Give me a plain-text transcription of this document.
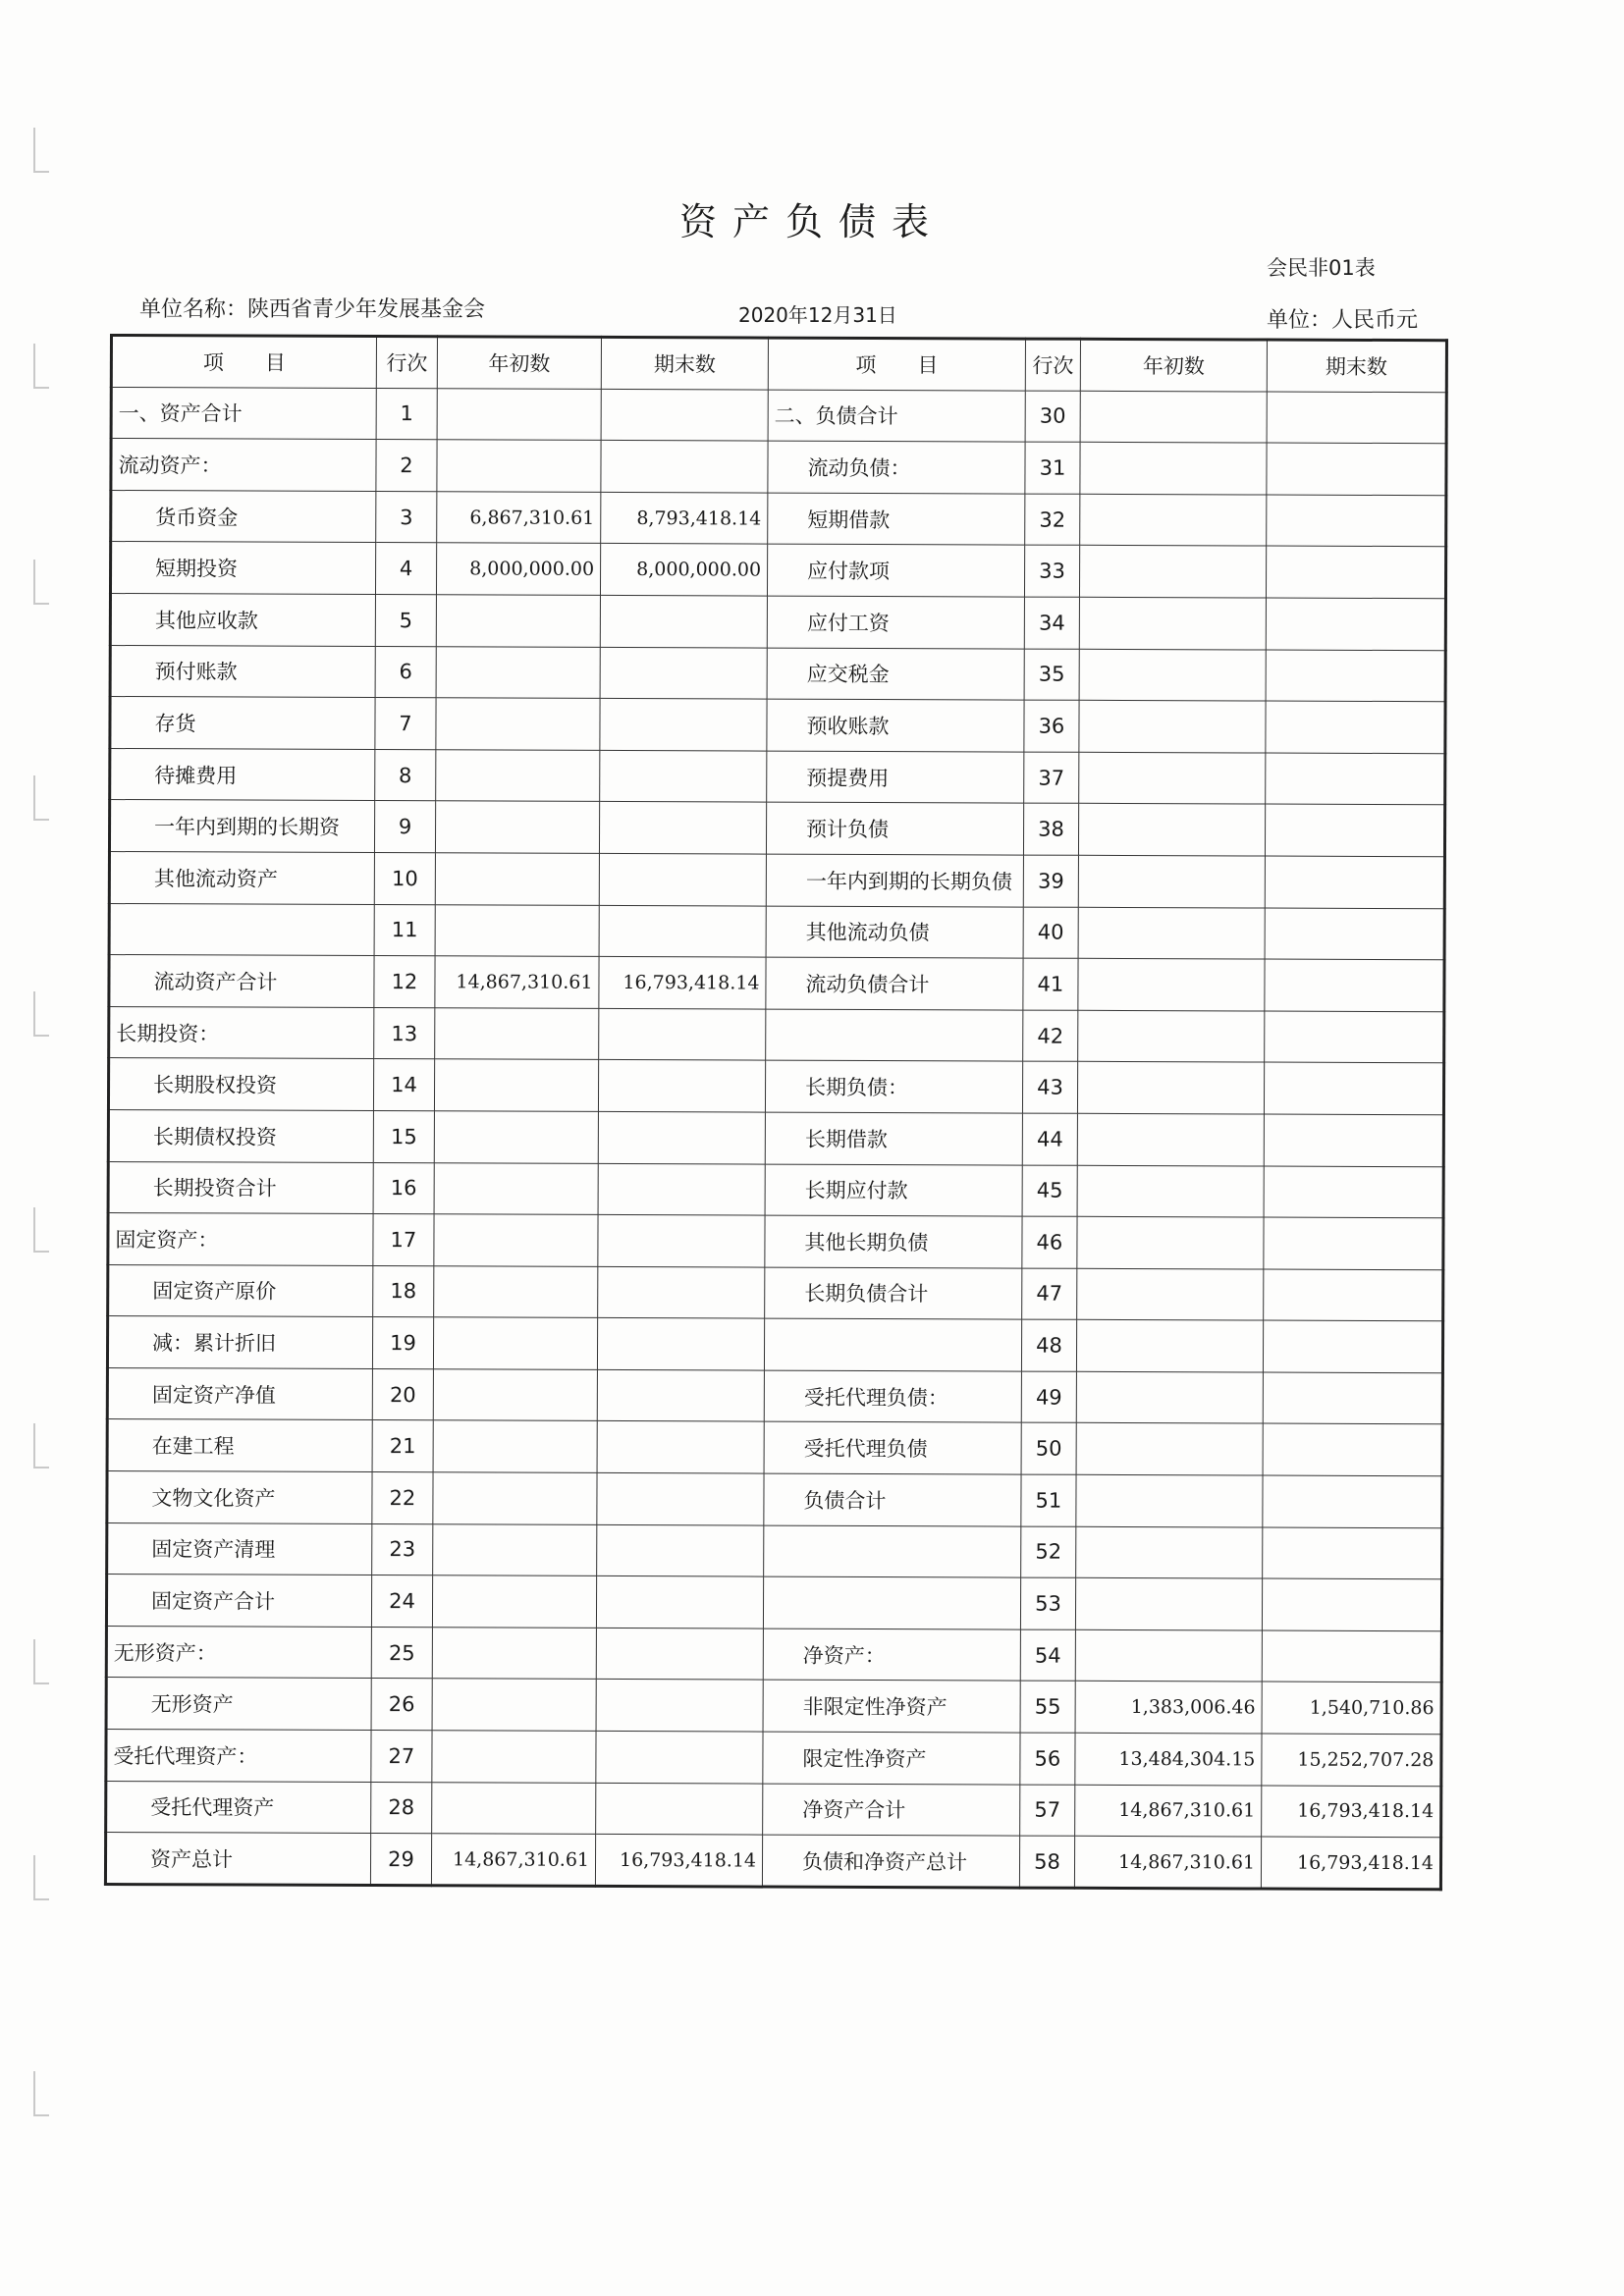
资产负债表
会民非01表
单位名称：陕西省青少年发展基金会	2020年12月31日	单位：人民币元
项　　目	行次	年初数	期末数	项　　目	行次	年初数	期末数
一、资产合计	1			二、负债合计	30		
流动资产：	2			流动负债：	31		
货币资金	3	6,867,310.61	8,793,418.14	短期借款	32		
短期投资	4	8,000,000.00	8,000,000.00	应付款项	33		
其他应收款	5			应付工资	34		
预付账款	6			应交税金	35		
存货	7			预收账款	36		
待摊费用	8			预提费用	37		
一年内到期的长期资	9			预计负债	38		
其他流动资产	10			一年内到期的长期负债	39		
	11			其他流动负债	40		
流动资产合计	12	14,867,310.61	16,793,418.14	流动负债合计	41		
长期投资：	13				42		
长期股权投资	14			长期负债：	43		
长期债权投资	15			长期借款	44		
长期投资合计	16			长期应付款	45		
固定资产：	17			其他长期负债	46		
固定资产原价	18			长期负债合计	47		
减：累计折旧	19				48		
固定资产净值	20			受托代理负债：	49		
在建工程	21			受托代理负债	50		
文物文化资产	22			负债合计	51		
固定资产清理	23				52		
固定资产合计	24				53		
无形资产：	25			净资产：	54		
无形资产	26			非限定性净资产	55	1,383,006.46	1,540,710.86
受托代理资产：	27			限定性净资产	56	13,484,304.15	15,252,707.28
受托代理资产	28			净资产合计	57	14,867,310.61	16,793,418.14
资产总计	29	14,867,310.61	16,793,418.14	负债和净资产总计	58	14,867,310.61	16,793,418.14
